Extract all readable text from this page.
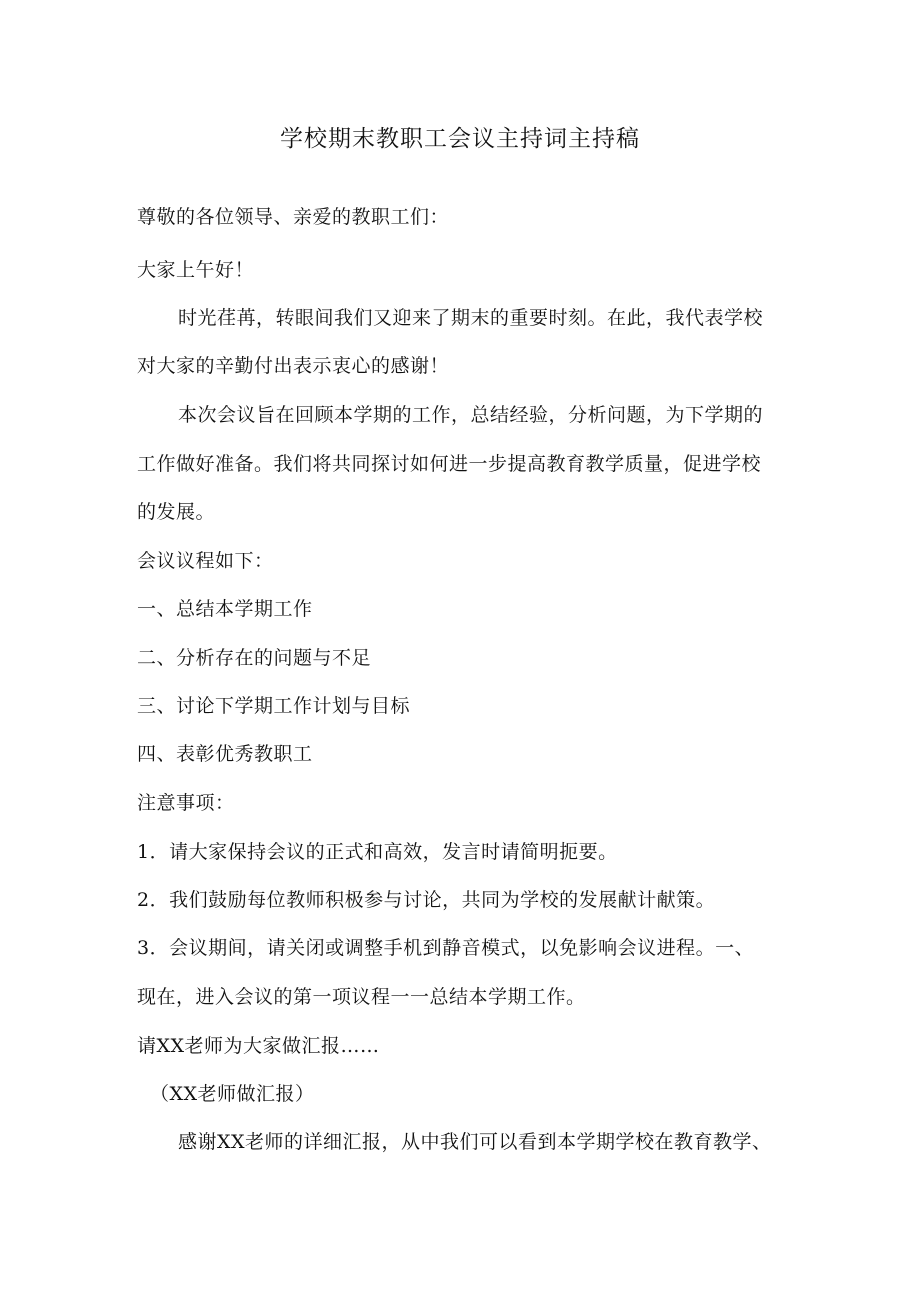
学校期末教职工会议主持词主持稿
尊敬的各位领导、亲爱的教职工们：
大家上午好！
时光荏苒，转眼间我们又迎来了期末的重要时刻。在此，我代表学校
对大家的辛勤付出表示衷心的感谢！
本次会议旨在回顾本学期的工作，总结经验，分析问题，为下学期的
工作做好准备。我们将共同探讨如何进一步提高教育教学质量，促进学校
的发展。
会议议程如下：
一、总结本学期工作
二、分析存在的问题与不足
三、讨论下学期工作计划与目标
四、表彰优秀教职工
注意事项：
1．请大家保持会议的正式和高效，发言时请简明扼要。
2．我们鼓励每位教师积极参与讨论，共同为学校的发展献计献策。
3．会议期间，请关闭或调整手机到静音模式，以免影响会议进程。一、
现在，进入会议的第一项议程一一总结本学期工作。
请XX老师为大家做汇报……
（XX老师做汇报）
感谢XX老师的详细汇报，从中我们可以看到本学期学校在教育教学、
